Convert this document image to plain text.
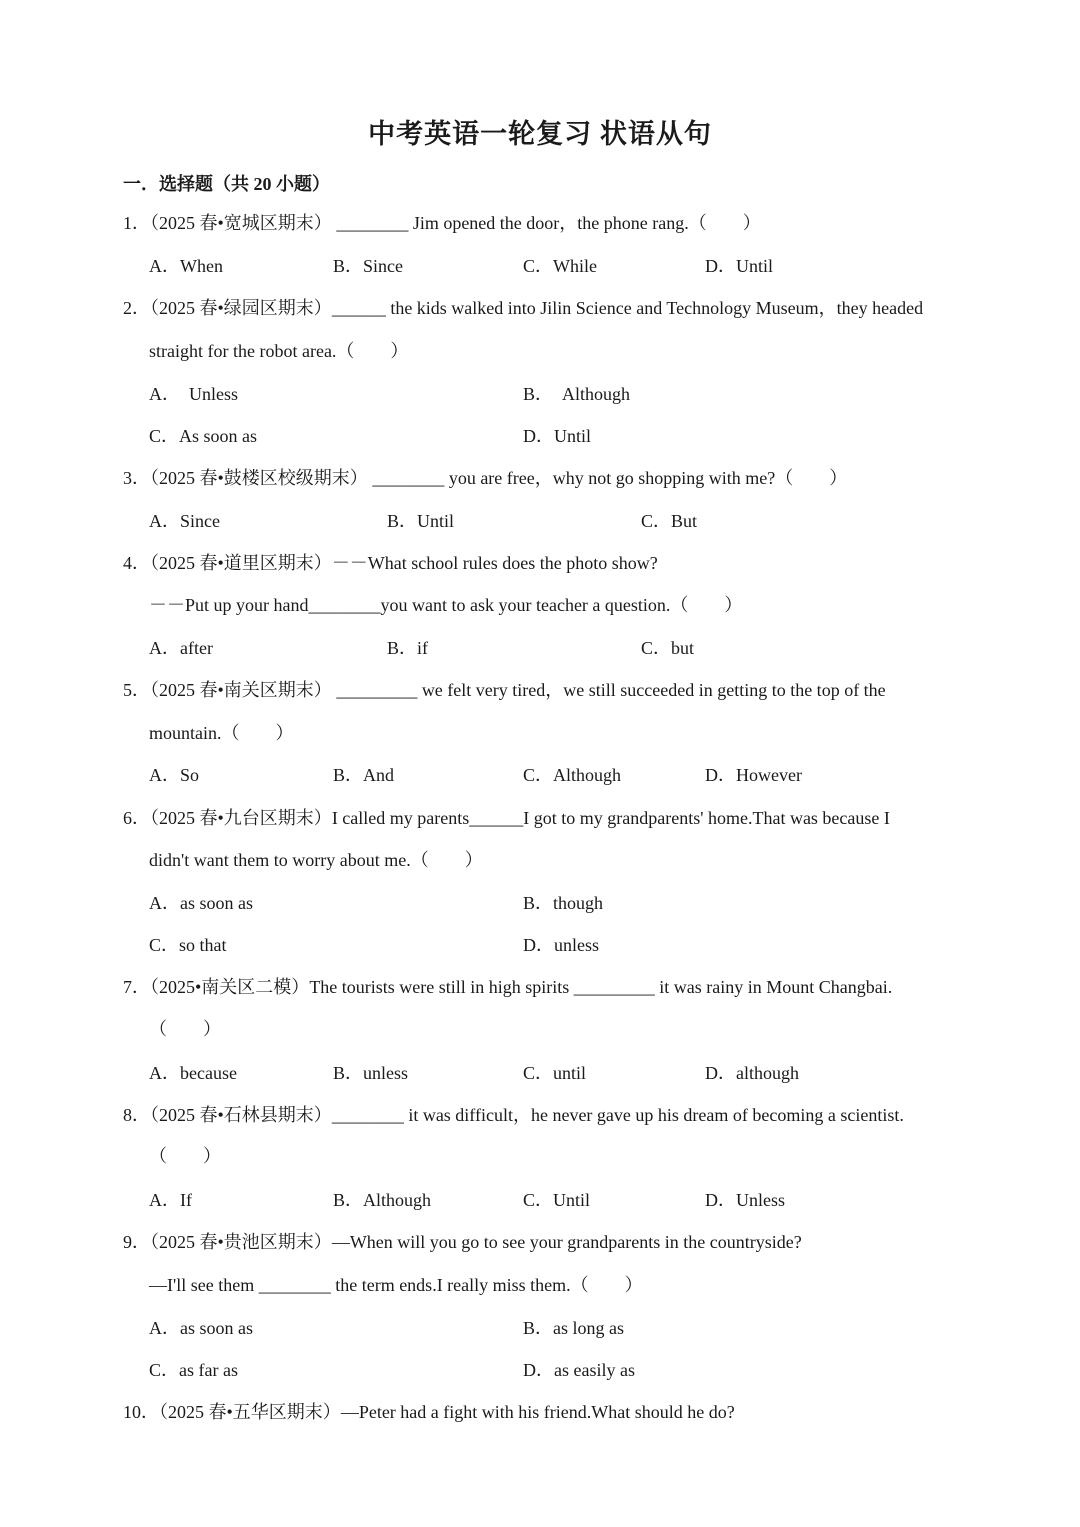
中考英语一轮复习 状语从句
一．选择题（共 20 小题）
1．（2025 春•宽城区期末） ________ Jim opened the door，the phone rang.（　　）
A．When	B．Since	C．While	D．Until
2．（2025 春•绿园区期末）______ the kids walked into Jilin Science and Technology Museum，they headed
straight for the robot area.（　　）
A．　Unless	B．　Although
C．As soon as	D．Until
3．（2025 春•鼓楼区校级期末） ________ you are free，why not go shopping with me?（　　）
A．Since	B．Until	C．But
4．（2025 春•道里区期末）－－What school rules does the photo show?
－－Put up your hand________you want to ask your teacher a question.（　　）
A．after	B．if	C．but
5．（2025 春•南关区期末） _________ we felt very tired，we still succeeded in getting to the top of the
mountain.（　　）
A．So	B．And	C．Although	D．However
6．（2025 春•九台区期末）I called my parents______I got to my grandparents' home.That was because I
didn't want them to worry about me.（　　）
A．as soon as	B．though
C．so that	D．unless
7．（2025•南关区二模）The tourists were still in high spirits _________ it was rainy in Mount Changbai.
（　　）
A．because	B．unless	C．until	D．although
8．（2025 春•石林县期末）________ it was difficult，he never gave up his dream of becoming a scientist.
（　　）
A．If	B．Although	C．Until	D．Unless
9．（2025 春•贵池区期末）—When will you go to see your grandparents in the countryside?
—I'll see them ________ the term ends.I really miss them.（　　）
A．as soon as	B．as long as
C．as far as	D．as easily as
10．（2025 春•五华区期末）—Peter had a fight with his friend.What should he do?
